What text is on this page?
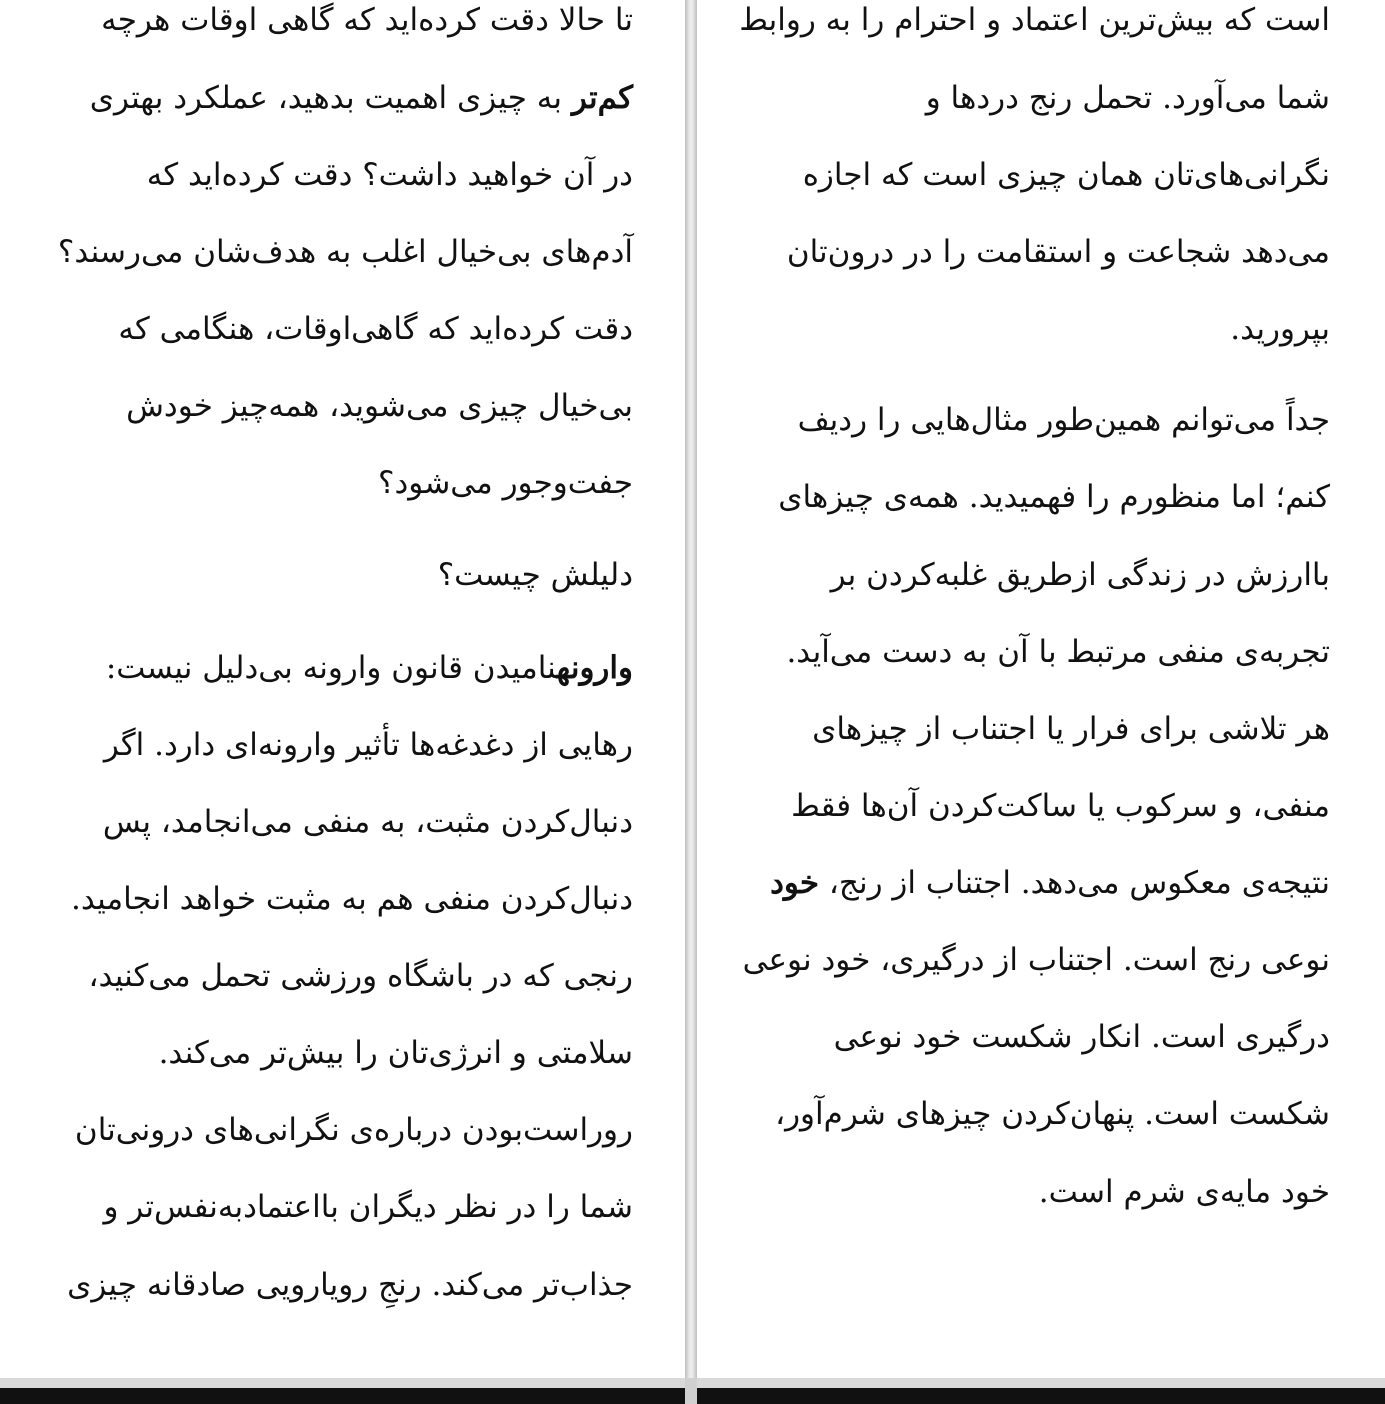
تا حالا دقت کرده‌اید که گاهی اوقات هرچه
کم‌تر به چیزی اهمیت بدهید، عملکرد بهتری
در آن خواهید داشت؟ دقت کرده‌اید که
آدم‌های بی‌خیال اغلب به هدف‌شان می‌رسند؟
دقت کرده‌اید که گاهی‌اوقات، هنگامی که
بی‌خیال چیزی می‌شوید، همه‌چیز خودش
جفت‌وجور می‌شود؟
دلیلش چیست؟
وارونهنامیدن قانون وارونه بی‌دلیل نیست:
رهایی از دغدغه‌ها تأثیر وارونه‌ای دارد. اگر
دنبال‌کردن مثبت، به منفی می‌انجامد، پس
دنبال‌کردن منفی هم به مثبت خواهد انجامید.
رنجی که در باشگاه ورزشی تحمل می‌کنید،
سلامتی و انرژی‌تان را بیش‌تر می‌کند.
روراست‌بودن درباره‌ی نگرانی‌های درونی‌تان
شما را در نظر دیگران بااعتمادبه‌نفس‌تر و
جذاب‌تر می‌کند. رنجِ رویارویی صادقانه چیزی
است که بیش‌ترین اعتماد و احترام را به روابط
شما می‌آورد. تحمل رنج دردها و
نگرانی‌های‌تان همان چیزی است که اجازه
می‌دهد شجاعت و استقامت را در درون‌تان
بپرورید.
جداً می‌توانم همین‌طور مثال‌هایی را ردیف
کنم؛ اما منظورم را فهمیدید. همه‌ی چیزهای
باارزش در زندگی ازطریق غلبه‌کردن بر
تجربه‌ی منفی مرتبط با آن به دست می‌آید.
هر تلاشی برای فرار یا اجتناب از چیزهای
منفی، و سرکوب یا ساکت‌کردن آن‌ها فقط
نتیجه‌ی معکوس می‌دهد. اجتناب از رنج، خود
نوعی رنج است. اجتناب از درگیری، خود نوعی
درگیری است. انکار شکست خود نوعی
شکست است. پنهان‌کردن چیزهای شرم‌آور،
خود مایه‌ی شرم است.
